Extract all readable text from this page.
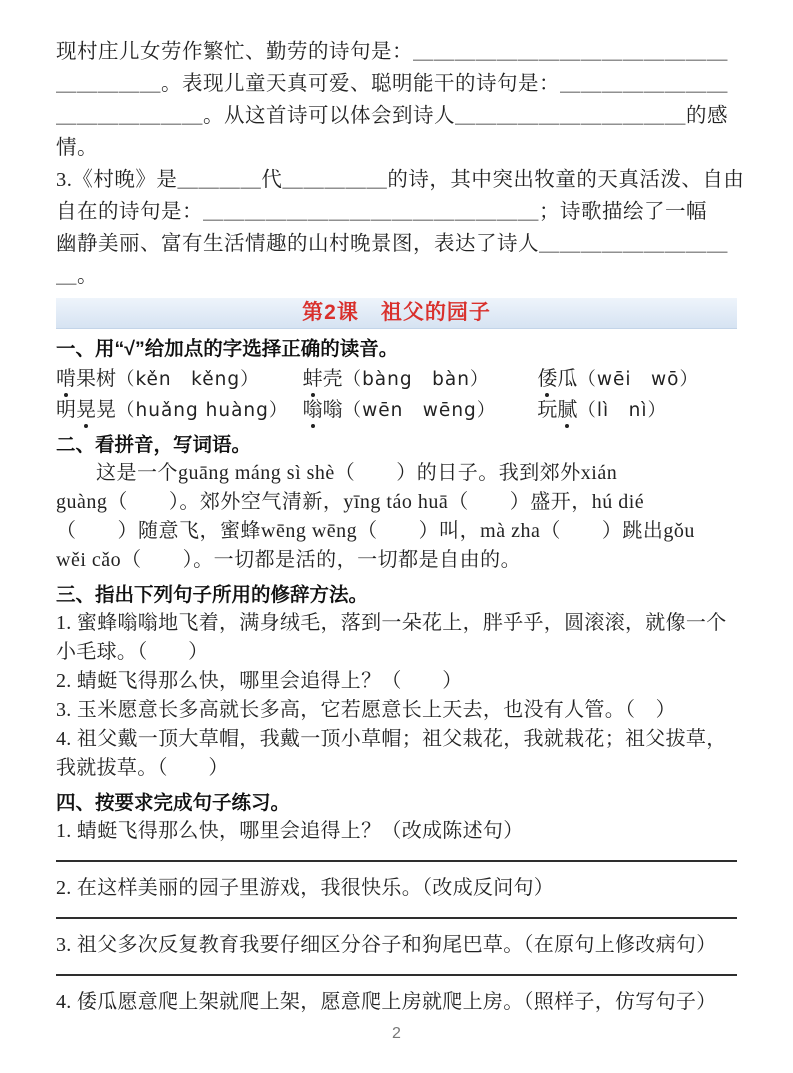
现村庄儿女劳作繁忙、勤劳的诗句是：＿＿＿＿＿＿＿＿＿＿＿＿＿＿＿
＿＿＿＿＿。表现儿童天真可爱、聪明能干的诗句是：＿＿＿＿＿＿＿＿
＿＿＿＿＿＿＿。从这首诗可以体会到诗人＿＿＿＿＿＿＿＿＿＿＿的感
情。
3.《村晚》是＿＿＿＿代＿＿＿＿＿的诗，其中突出牧童的天真活泼、自由
自在的诗句是：＿＿＿＿＿＿＿＿＿＿＿＿＿＿＿＿；诗歌描绘了一幅
幽静美丽、富有生活情趣的山村晚景图，表达了诗人＿＿＿＿＿＿＿＿＿
＿。
第2课　祖父的园子
一、用“√”给加点的字选择正确的读音。
啃果树（kěn　kěng）	蚌壳（bàng　bàn）	倭瓜（wēi　wō）
明晃晃（huǎng huàng） 嗡嗡（wēn　wēng）	玩腻（lì　nì）
二、看拼音，写词语。
这是一个guāng máng sì shè（　　）的日子。我到郊外xián
guàng（　　）。郊外空气清新，yīng táo huā（　　）盛开，hú dié
（　　）随意飞，蜜蜂wēng wēng（　　）叫，mà zha（　　）跳出gǒu
wěi cǎo（　　）。一切都是活的，一切都是自由的。
三、指出下列句子所用的修辞方法。
1. 蜜蜂嗡嗡地飞着，满身绒毛，落到一朵花上，胖乎乎，圆滚滚，就像一个小毛球。（　　）
2. 蜻蜓飞得那么快，哪里会追得上？（　　）
3. 玉米愿意长多高就长多高，它若愿意长上天去，也没有人管。（　）
4. 祖父戴一顶大草帽，我戴一顶小草帽；祖父栽花，我就栽花；祖父拔草，我就拔草。（　　）
四、按要求完成句子练习。
1. 蜻蜓飞得那么快，哪里会追得上？（改成陈述句）
2. 在这样美丽的园子里游戏，我很快乐。（改成反问句）
3. 祖父多次反复教育我要仔细区分谷子和狗尾巴草。（在原句上修改病句）
4. 倭瓜愿意爬上架就爬上架，愿意爬上房就爬上房。（照样子，仿写句子）
2
